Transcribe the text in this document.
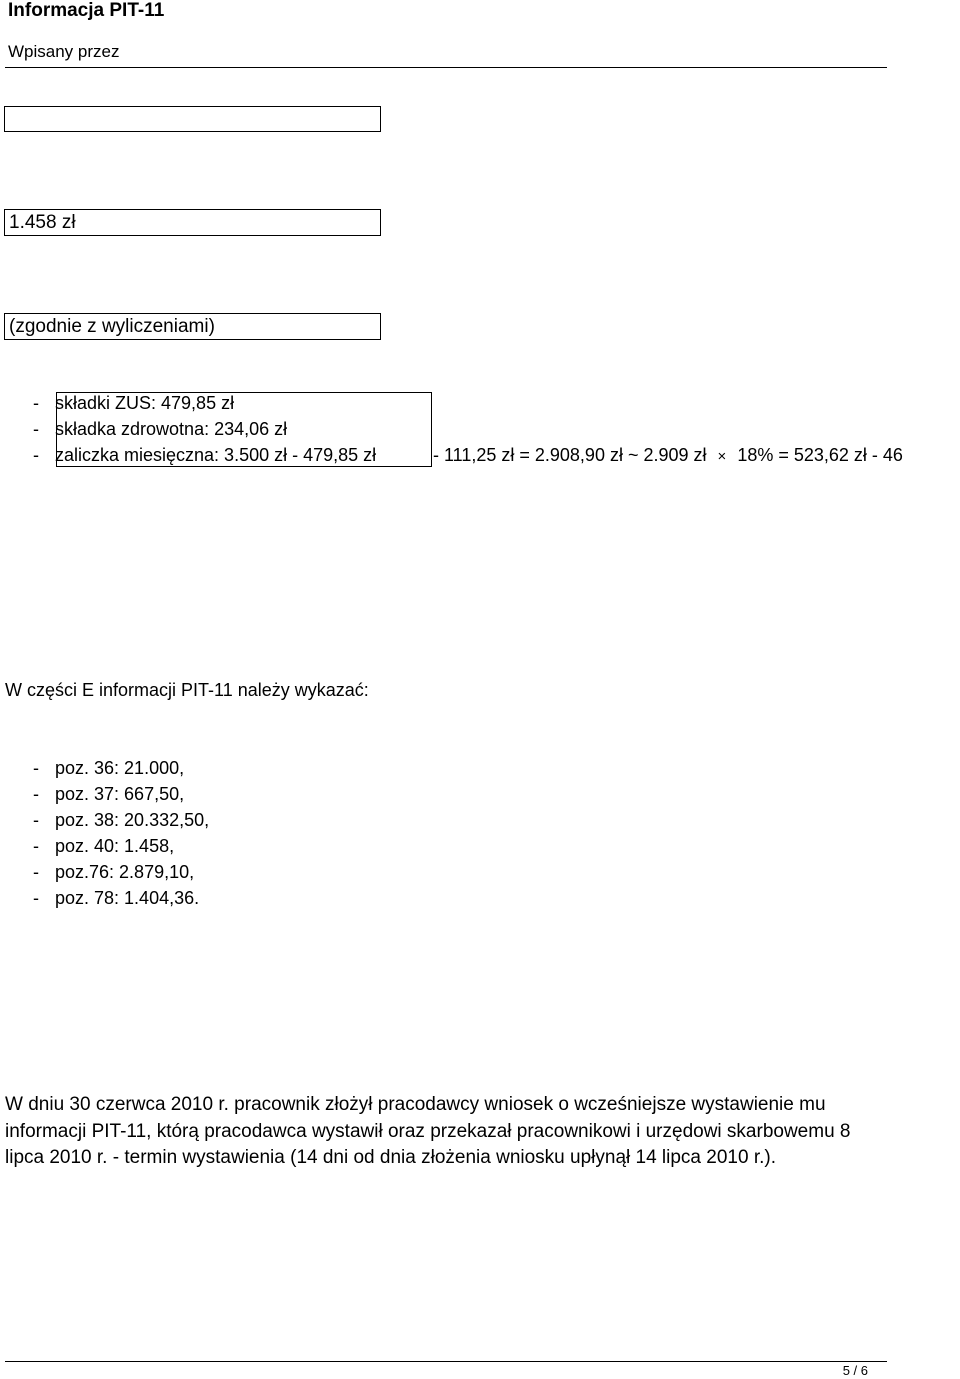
Informacja PIT-11
Wpisany przez
1.458 zł
(zgodnie z wyliczeniami)
- składki ZUS: 479,85 zł
- składka zdrowotna: 234,06 zł
- zaliczka miesięczna: 3.500 zł - 479,85 zł	- 111,25 zł = 2.908,90 zł ~ 2.909 zł × 18% = 523,62 zł - 46
W części E informacji PIT-11 należy wykazać:
- poz. 36: 21.000,
- poz. 37: 667,50,
- poz. 38: 20.332,50,
- poz. 40: 1.458,
- poz.76: 2.879,10,
- poz. 78: 1.404,36.
W dniu 30 czerwca 2010 r. pracownik złożył pracodawcy wniosek o wcześniejsze wystawienie mu informacji PIT-11, którą pracodawca wystawił oraz przekazał pracownikowi i urzędowi skarbowemu 8 lipca 2010 r. - termin wystawienia (14 dni od dnia złożenia wniosku upłynął 14 lipca 2010 r.).
5 / 6
